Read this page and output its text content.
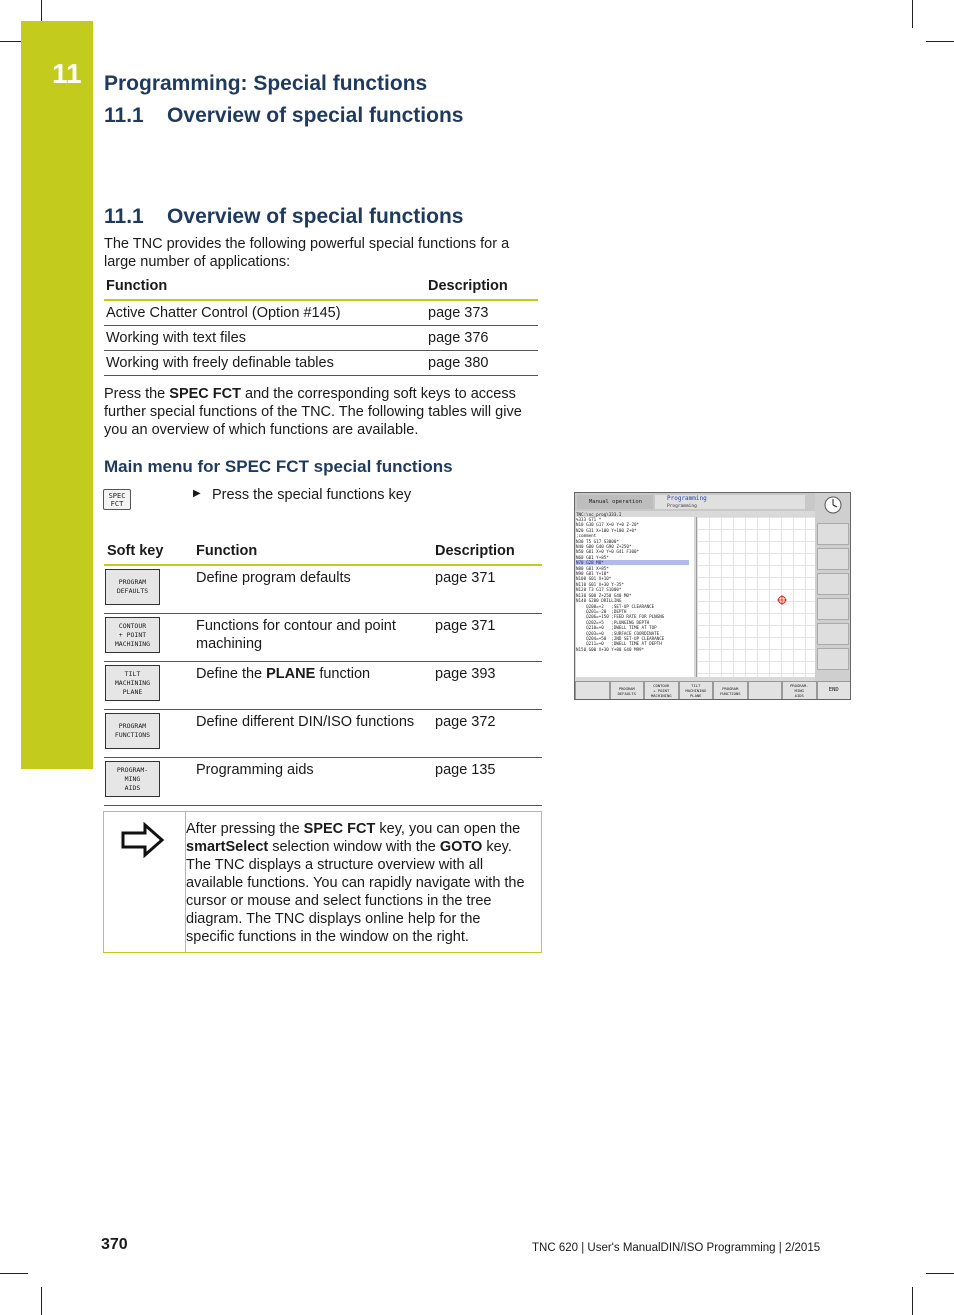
11 Programming: Special functions
11.1    Overview of special functions
11.1    Overview of special functions
The TNC provides the following powerful special functions for a large number of applications:
Function	Description
Active Chatter Control (Option #145)	page 373
Working with text files	page 376
Working with freely definable tables	page 380
Press the SPEC FCT and the corresponding soft keys to access further special functions of the TNC. The following tables will give you an overview of which functions are available.
Main menu for SPEC FCT special functions
SPEC
FCT
▶ Press the special functions key
Soft key	Function	Description

PROGRAM
DEFAULTS	Define program defaults	page 371

CONTOUR
+ POINT
MACHINING	Functions for contour and point machining	page 371

TILT
MACHINING
PLANE	Define the PLANE function	page 393

PROGRAM
FUNCTIONS	Define different DIN/ISO functions	page 372

PROGRAM-
MING
AIDS	Programming aids	page 135
After pressing the SPEC FCT key, you can open the smartSelect selection window with the GOTO key. The TNC displays a structure overview with all available functions. You can rapidly navigate with the cursor or mouse and select functions in the tree diagram. The TNC displays online help for the specific functions in the window on the right.
Manual operation	Programming
Programming
TNC:\nc_prog\333.I
%333 G71 *
N10 G30 G17 X+0 Y+0 Z-20*
N20 G31 X+100 Y+100 Z+0*
;comment
N30 T5 G17 S3000*
N40 G00 G40 G90 Z+250*
N50 G01 X+0 Y+0 G41 F300*
N60 G01 Y+85*
N70 G28 M8*
N80 G01 X+85*
N90 G01 Y+10*
N100 G01 X+10*
N110 G01 X+30 Y-35*
N120 T3 G17 S1000*
N130 G00 Z+250 G40 M0*
N140 G200 DRILLING
Q200=+2   ;SET-UP CLEARANCE
Q201=-20  ;DEPTH
Q206=+150 ;FEED RATE FOR PLNGNG
Q202=+5   ;PLUNGING DEPTH
Q210=+0   ;DWELL TIME AT TOP
Q203=+0   ;SURFACE COORDINATE
Q204=+50  ;2ND SET-UP CLEARANCE
Q211=+0   ;DWELL TIME AT DEPTH
N150 G00 X+30 Y+80 G40 M99*
PROGRAM
DEFAULTS
CONTOUR
+ POINT
MACHINING
TILT
MACHINING
PLANE
PROGRAM
FUNCTIONS
PROGRAM-
MING
AIDS
END
370	TNC 620 | User's ManualDIN/ISO Programming | 2/2015
